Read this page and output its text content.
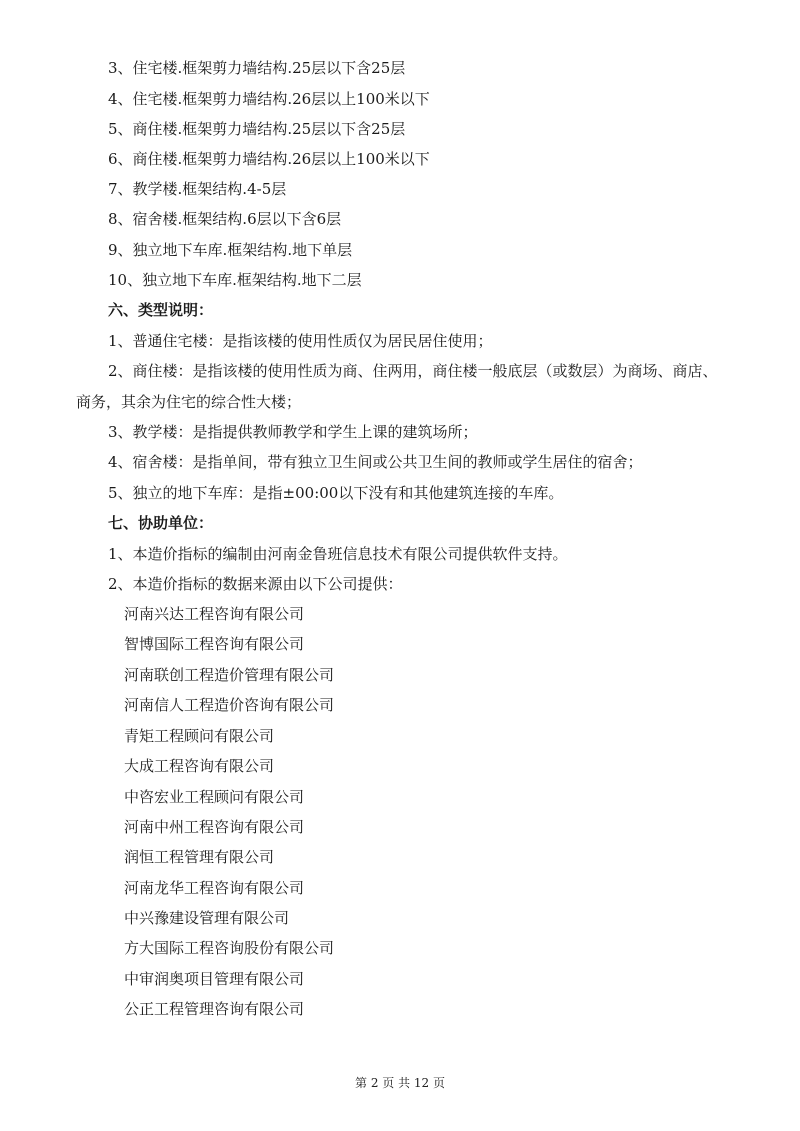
3、住宅楼.框架剪力墙结构.25层以下含25层
4、住宅楼.框架剪力墙结构.26层以上100米以下
5、商住楼.框架剪力墙结构.25层以下含25层
6、商住楼.框架剪力墙结构.26层以上100米以下
7、教学楼.框架结构.4-5层
8、宿舍楼.框架结构.6层以下含6层
9、独立地下车库.框架结构.地下单层
10、独立地下车库.框架结构.地下二层
六、类型说明：
1、普通住宅楼：是指该楼的使用性质仅为居民居住使用；
2、商住楼：是指该楼的使用性质为商、住两用，商住楼一般底层（或数层）为商场、商店、
商务，其余为住宅的综合性大楼；
3、教学楼：是指提供教师教学和学生上课的建筑场所；
4、宿舍楼：是指单间，带有独立卫生间或公共卫生间的教师或学生居住的宿舍；
5、独立的地下车库：是指±00:00以下没有和其他建筑连接的车库。
七、协助单位：
1、本造价指标的编制由河南金鲁班信息技术有限公司提供软件支持。
2、本造价指标的数据来源由以下公司提供：
河南兴达工程咨询有限公司
智博国际工程咨询有限公司
河南联创工程造价管理有限公司
河南信人工程造价咨询有限公司
青矩工程顾问有限公司
大成工程咨询有限公司
中咨宏业工程顾问有限公司
河南中州工程咨询有限公司
润恒工程管理有限公司
河南龙华工程咨询有限公司
中兴豫建设管理有限公司
方大国际工程咨询股份有限公司
中审润奥项目管理有限公司
公正工程管理咨询有限公司
第 2 页 共 12 页
